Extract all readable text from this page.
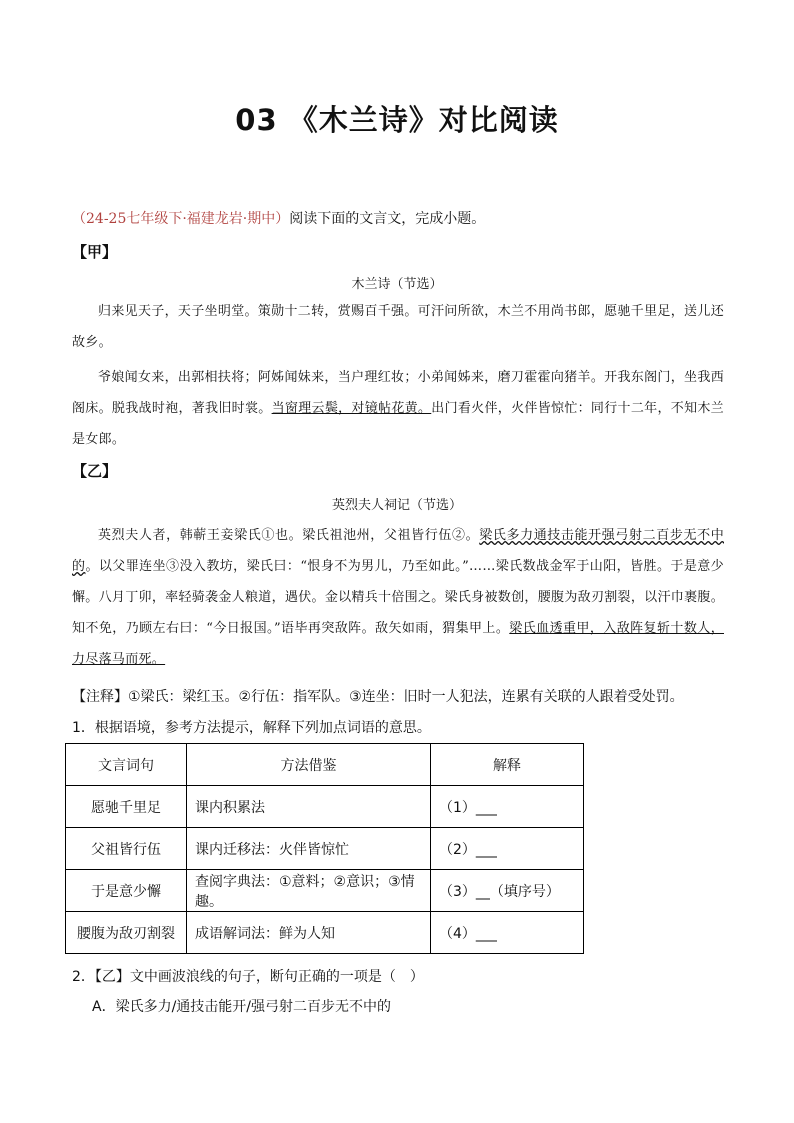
03 《木兰诗》对比阅读
（24-25七年级下·福建龙岩·期中）阅读下面的文言文，完成小题。
【甲】
木兰诗（节选）
归来见天子，天子坐明堂。策勋十二转，赏赐百千强。可汗问所欲，木兰不用尚书郎，愿驰千里足，送儿还故乡。
爷娘闻女来，出郭相扶将；阿姊闻妹来，当户理红妆；小弟闻姊来，磨刀霍霍向猪羊。开我东阁门，坐我西阁床。脱我战时袍，著我旧时裳。当窗理云鬓，对镜帖花黄。出门看火伴，火伴皆惊忙：同行十二年，不知木兰是女郎。
【乙】
英烈夫人祠记（节选）
英烈夫人者，韩蕲王妾梁氏①也。梁氏祖池州，父祖皆行伍②。梁氏多力通技击能开强弓射二百步无不中的。以父罪连坐③没入教坊，梁氏曰：“恨身不为男儿，乃至如此。”……梁氏数战金军于山阳，皆胜。于是意少懈。八月丁卯，率轻骑袭金人粮道，遇伏。金以精兵十倍围之。梁氏身被数创，腰腹为敌刃割裂，以汗巾裹腹。知不免，乃顾左右曰：“今日报国。”语毕再突敌阵。敌矢如雨，猬集甲上。梁氏血透重甲，入敌阵复斩十数人，力尽落马而死。
【注释】①梁氏：梁红玉。②行伍：指军队。③连坐：旧时一人犯法，连累有关联的人跟着受处罚。
1．根据语境，参考方法提示，解释下列加点词语的意思。
文言词句	方法借鉴	解释
愿驰千里足	课内积累法	（1）___
父祖皆行伍	课内迁移法：火伴皆惊忙	（2）___
于是意少懈	查阅字典法：①意料；②意识；③情趣。	（3）__（填序号）
腰腹为敌刃割裂	成语解词法：鲜为人知	（4）___
2．【乙】文中画波浪线的句子，断句正确的一项是（　）
A．梁氏多力/通技击能开/强弓射二百步无不中的
